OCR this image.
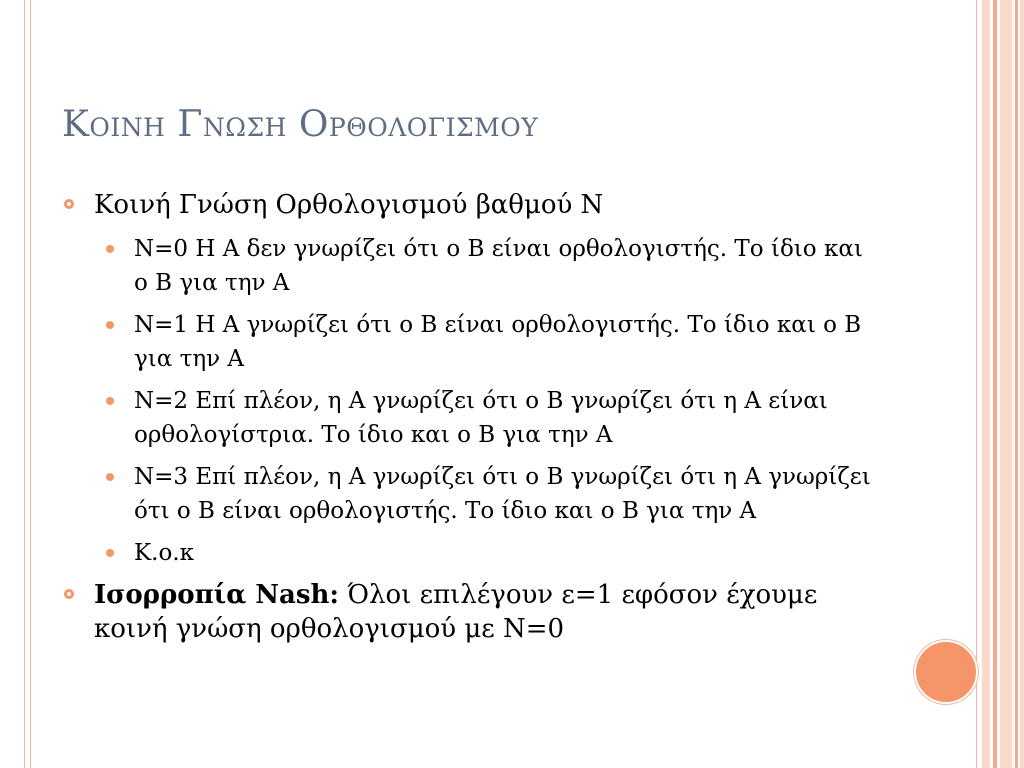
Κοινη Γνωση Ορθολογισμου
Κοινή Γνώση Ορθολογισμού βαθμού Ν
Ν=0 Η Α δεν γνωρίζει ότι ο Β είναι ορθολογιστής. Το ίδιο και ο Β για την Α
Ν=1 Η Α γνωρίζει ότι ο Β είναι ορθολογιστής. Το ίδιο και ο Β για την Α
Ν=2 Επί πλέον, η Α γνωρίζει ότι ο Β γνωρίζει ότι η Α είναι ορθολογίστρια. Το ίδιο και ο Β για την Α
Ν=3 Επί πλέον, η Α γνωρίζει ότι ο Β γνωρίζει ότι η Α γνωρίζει ότι ο Β είναι ορθολογιστής. Το ίδιο και ο Β για την Α
Κ.ο.κ
Ισορροπία Nash: Όλοι επιλέγουν ε=1 εφόσον έχουμε κοινή γνώση ορθολογισμού με Ν=0
